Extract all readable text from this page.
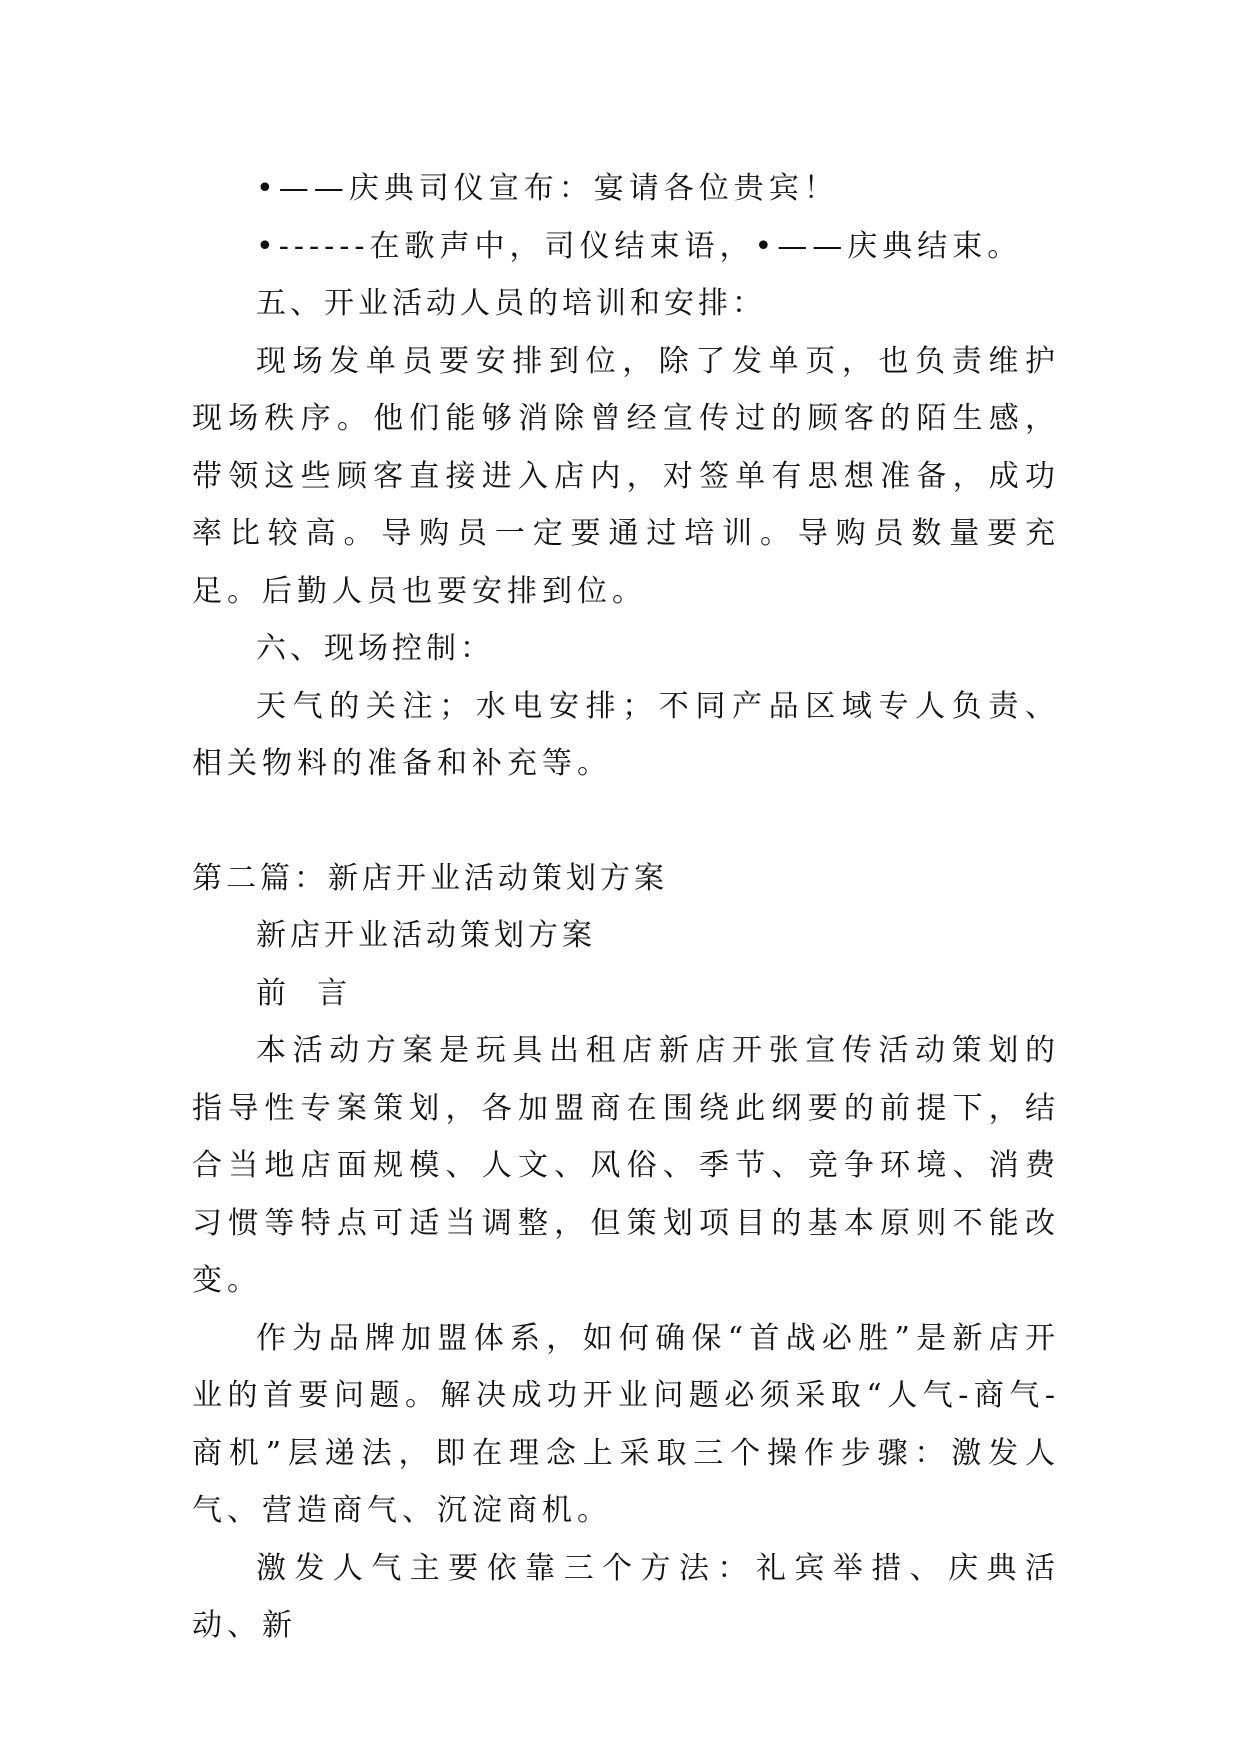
•——庆典司仪宣布：宴请各位贵宾！

•------在歌声中，司仪结束语，•——庆典结束。

五、开业活动人员的培训和安排：

现场发单员要安排到位，除了发单页，也负责维护现场秩序。他们能够消除曾经宣传过的顾客的陌生感，带领这些顾客直接进入店内，对签单有思想准备，成功率比较高。导购员一定要通过培训。导购员数量要充足。后勤人员也要安排到位。

六、现场控制：

天气的关注；水电安排；不同产品区域专人负责、相关物料的准备和补充等。

第二篇：新店开业活动策划方案

新店开业活动策划方案

前  言

本活动方案是玩具出租店新店开张宣传活动策划的指导性专案策划，各加盟商在围绕此纲要的前提下，结合当地店面规模、人文、风俗、季节、竞争环境、消费习惯等特点可适当调整，但策划项目的基本原则不能改变。

作为品牌加盟体系，如何确保“首战必胜”是新店开业的首要问题。解决成功开业问题必须采取“人气-商气-商机”层递法，即在理念上采取三个操作步骤：激发人气、营造商气、沉淀商机。

激发人气主要依靠三个方法：礼宾举措、庆典活动、新
